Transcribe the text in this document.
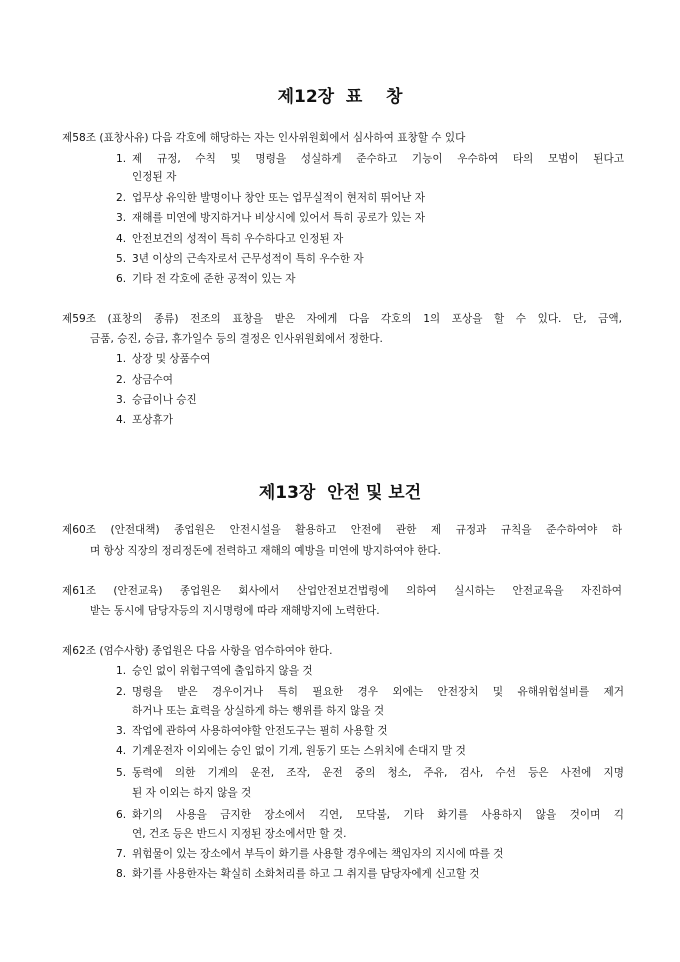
제12장  표    창
제58조 (표창사유) 다음 각호에 해당하는 자는 인사위원회에서 심사하여 표창할 수 있다
1. 제 규정, 수칙 및 명령을 성실하게 준수하고 기능이 우수하여 타의 모범이 된다고
인정된 자
2. 업무상 유익한 발명이나 창안 또는 업무실적이 현저히 뛰어난 자
3. 재해를 미연에 방지하거나 비상시에 있어서 특히 공로가 있는 자
4. 안전보건의 성적이 특히 우수하다고 인정된 자
5. 3년 이상의 근속자로서 근무성적이 특히 우수한 자
6. 기타 전 각호에 준한 공적이 있는 자
제59조 (표창의 종류) 전조의 표창을 받은 자에게 다음 각호의 1의 포상을 할 수 있다. 단, 금액,
금품, 승진, 승급, 휴가일수 등의 결정은 인사위원회에서 정한다.
1. 상장 및 상품수여
2. 상금수여
3. 승급이나 승진
4. 포상휴가
제13장  안전 및 보건
제60조 (안전대책) 종업원은 안전시설을 활용하고 안전에 관한 제 규정과 규칙을 준수하여야 하
며 항상 직장의 정리정돈에 전력하고 재해의 예방을 미연에 방지하여야 한다.
제61조 (안전교육) 종업원은 회사에서 산업안전보건법령에 의하여 실시하는 안전교육을 자진하여
받는 동시에 담당자등의 지시명령에 따라 재해방지에 노력한다.
제62조 (엄수사항) 종업원은 다음 사항을 엄수하여야 한다.
1. 승인 없이 위험구역에 출입하지 않을 것
2. 명령을 받은 경우이거나 특히 필요한 경우 외에는 안전장치 및 유해위험설비를 제거
하거나 또는 효력을 상실하게 하는 행위를 하지 않을 것
3. 작업에 관하여 사용하여야할 안전도구는 필히 사용할 것
4. 기계운전자 이외에는 승인 없이 기계, 원동기 또는 스위치에 손대지 말 것
5. 동력에 의한 기계의 운전, 조작, 운전 중의 청소, 주유, 검사, 수선 등은 사전에 지명
된 자 이외는 하지 않을 것
6. 화기의 사용을 금지한 장소에서 긱연, 모닥불, 기타 화기를 사용하지 않을 것이며 긱
연, 건조 등은 반드시 지정된 장소에서만 할 것.
7. 위험물이 있는 장소에서 부득이 화기를 사용할 경우에는 책임자의 지시에 따를 것
8. 화기를 사용한자는 확실히 소화처리를 하고 그 취지를 담당자에게 신고할 것
